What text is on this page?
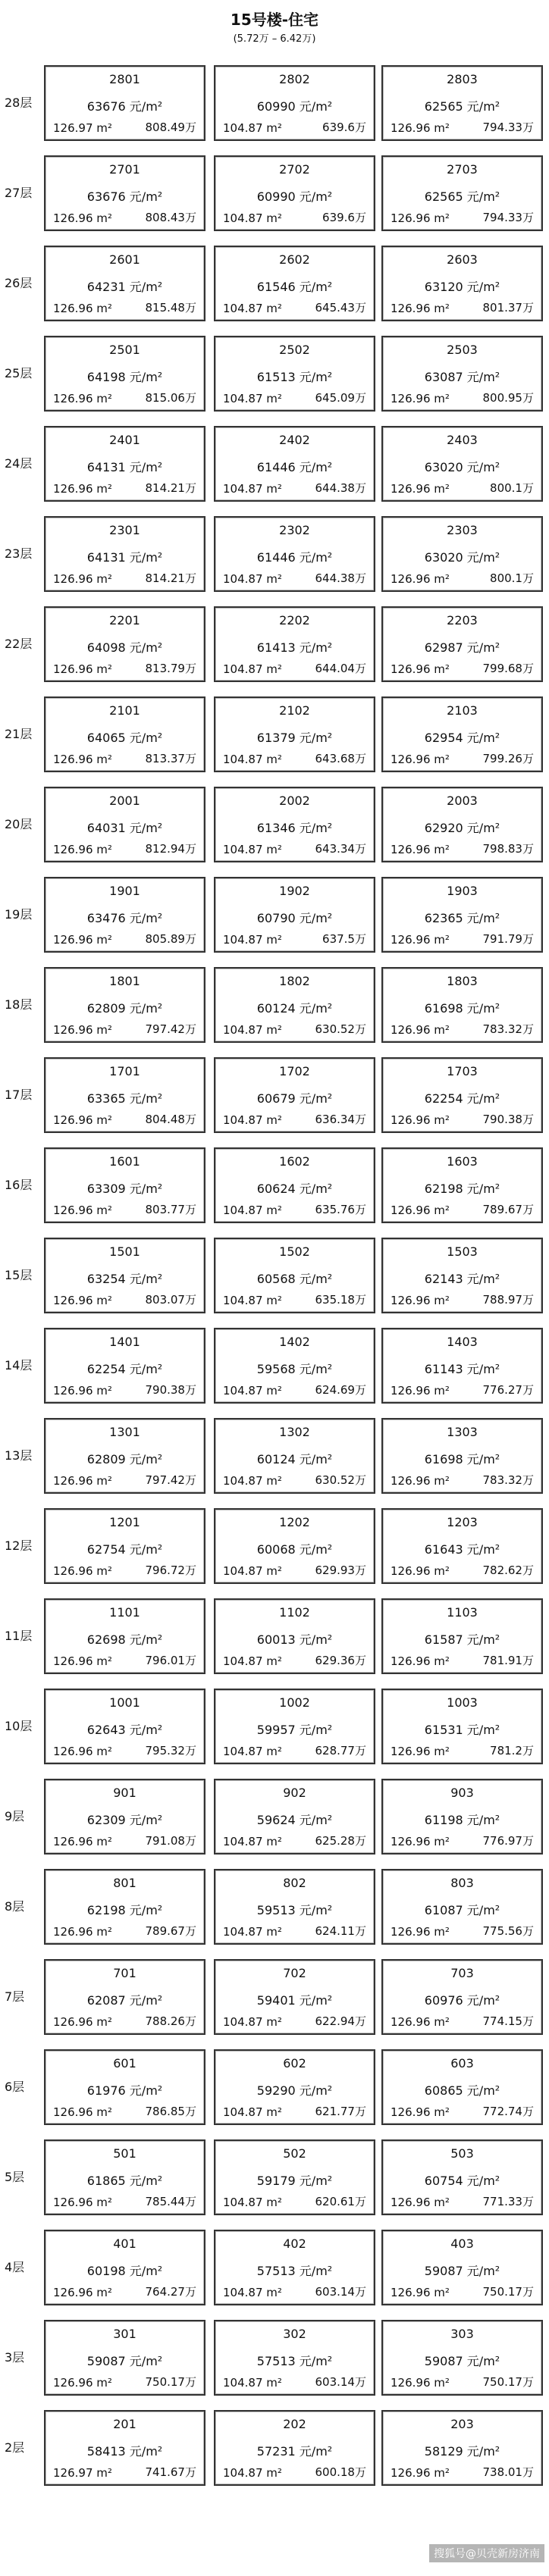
15号楼-住宅
(5.72万 – 6.42万)
28层
2801
63676 元/m²
126.97 m²	808.49万
2802
60990 元/m²
104.87 m²	639.6万
2803
62565 元/m²
126.96 m²	794.33万
27层
2701
63676 元/m²
126.96 m²	808.43万
2702
60990 元/m²
104.87 m²	639.6万
2703
62565 元/m²
126.96 m²	794.33万
26层
2601
64231 元/m²
126.96 m²	815.48万
2602
61546 元/m²
104.87 m²	645.43万
2603
63120 元/m²
126.96 m²	801.37万
25层
2501
64198 元/m²
126.96 m²	815.06万
2502
61513 元/m²
104.87 m²	645.09万
2503
63087 元/m²
126.96 m²	800.95万
24层
2401
64131 元/m²
126.96 m²	814.21万
2402
61446 元/m²
104.87 m²	644.38万
2403
63020 元/m²
126.96 m²	800.1万
23层
2301
64131 元/m²
126.96 m²	814.21万
2302
61446 元/m²
104.87 m²	644.38万
2303
63020 元/m²
126.96 m²	800.1万
22层
2201
64098 元/m²
126.96 m²	813.79万
2202
61413 元/m²
104.87 m²	644.04万
2203
62987 元/m²
126.96 m²	799.68万
21层
2101
64065 元/m²
126.96 m²	813.37万
2102
61379 元/m²
104.87 m²	643.68万
2103
62954 元/m²
126.96 m²	799.26万
20层
2001
64031 元/m²
126.96 m²	812.94万
2002
61346 元/m²
104.87 m²	643.34万
2003
62920 元/m²
126.96 m²	798.83万
19层
1901
63476 元/m²
126.96 m²	805.89万
1902
60790 元/m²
104.87 m²	637.5万
1903
62365 元/m²
126.96 m²	791.79万
18层
1801
62809 元/m²
126.96 m²	797.42万
1802
60124 元/m²
104.87 m²	630.52万
1803
61698 元/m²
126.96 m²	783.32万
17层
1701
63365 元/m²
126.96 m²	804.48万
1702
60679 元/m²
104.87 m²	636.34万
1703
62254 元/m²
126.96 m²	790.38万
16层
1601
63309 元/m²
126.96 m²	803.77万
1602
60624 元/m²
104.87 m²	635.76万
1603
62198 元/m²
126.96 m²	789.67万
15层
1501
63254 元/m²
126.96 m²	803.07万
1502
60568 元/m²
104.87 m²	635.18万
1503
62143 元/m²
126.96 m²	788.97万
14层
1401
62254 元/m²
126.96 m²	790.38万
1402
59568 元/m²
104.87 m²	624.69万
1403
61143 元/m²
126.96 m²	776.27万
13层
1301
62809 元/m²
126.96 m²	797.42万
1302
60124 元/m²
104.87 m²	630.52万
1303
61698 元/m²
126.96 m²	783.32万
12层
1201
62754 元/m²
126.96 m²	796.72万
1202
60068 元/m²
104.87 m²	629.93万
1203
61643 元/m²
126.96 m²	782.62万
11层
1101
62698 元/m²
126.96 m²	796.01万
1102
60013 元/m²
104.87 m²	629.36万
1103
61587 元/m²
126.96 m²	781.91万
10层
1001
62643 元/m²
126.96 m²	795.32万
1002
59957 元/m²
104.87 m²	628.77万
1003
61531 元/m²
126.96 m²	781.2万
9层
901
62309 元/m²
126.96 m²	791.08万
902
59624 元/m²
104.87 m²	625.28万
903
61198 元/m²
126.96 m²	776.97万
8层
801
62198 元/m²
126.96 m²	789.67万
802
59513 元/m²
104.87 m²	624.11万
803
61087 元/m²
126.96 m²	775.56万
7层
701
62087 元/m²
126.96 m²	788.26万
702
59401 元/m²
104.87 m²	622.94万
703
60976 元/m²
126.96 m²	774.15万
6层
601
61976 元/m²
126.96 m²	786.85万
602
59290 元/m²
104.87 m²	621.77万
603
60865 元/m²
126.96 m²	772.74万
5层
501
61865 元/m²
126.96 m²	785.44万
502
59179 元/m²
104.87 m²	620.61万
503
60754 元/m²
126.96 m²	771.33万
4层
401
60198 元/m²
126.96 m²	764.27万
402
57513 元/m²
104.87 m²	603.14万
403
59087 元/m²
126.96 m²	750.17万
3层
301
59087 元/m²
126.96 m²	750.17万
302
57513 元/m²
104.87 m²	603.14万
303
59087 元/m²
126.96 m²	750.17万
2层
201
58413 元/m²
126.97 m²	741.67万
202
57231 元/m²
104.87 m²	600.18万
203
58129 元/m²
126.96 m²	738.01万
搜狐号@贝壳新房济南
